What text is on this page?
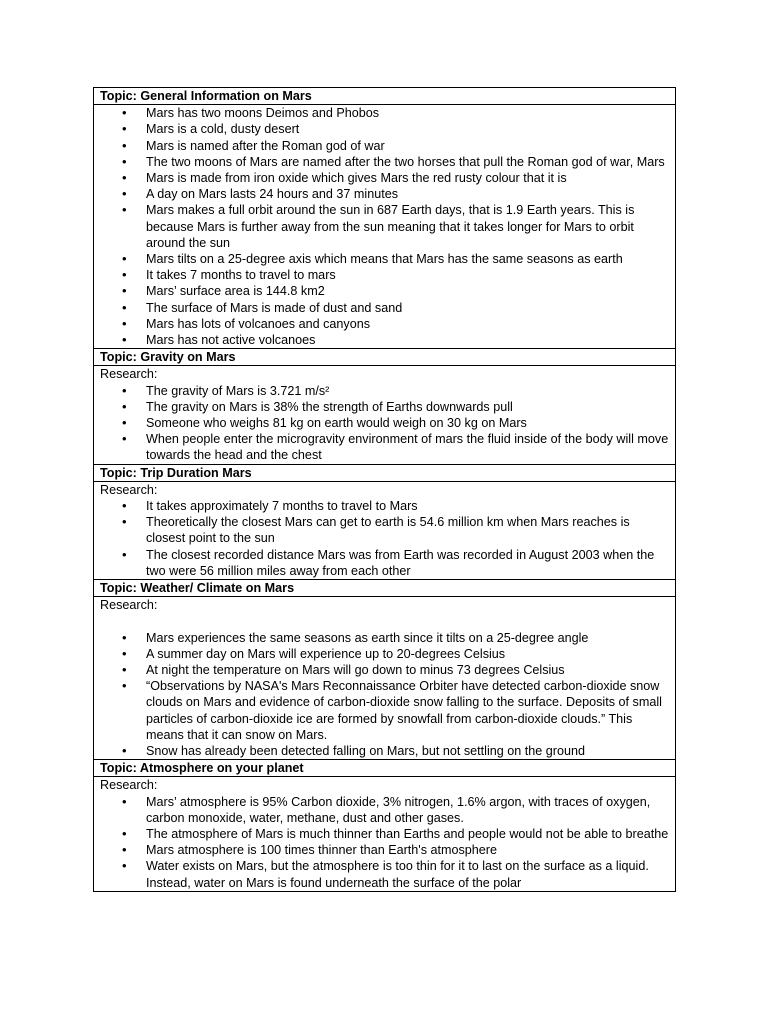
Topic: General Information on Mars

• Mars has two moons Deimos and Phobos
• Mars is a cold, dusty desert
• Mars is named after the Roman god of war
• The two moons of Mars are named after the two horses that pull the Roman god of war, Mars
• Mars is made from iron oxide which gives Mars the red rusty colour that it is
• A day on Mars lasts 24 hours and 37 minutes
• Mars makes a full orbit around the sun in 687 Earth days, that is 1.9 Earth years. This is because Mars is further away from the sun meaning that it takes longer for Mars to orbit around the sun
• Mars tilts on a 25-degree axis which means that Mars has the same seasons as earth
• It takes 7 months to travel to mars
• Mars’ surface area is 144.8 km2
• The surface of Mars is made of dust and sand
• Mars has lots of volcanoes and canyons
• Mars has not active volcanoes

Topic: Gravity on Mars

Research:

• The gravity of Mars is 3.721 m/s²
• The gravity on Mars is 38% the strength of Earths downwards pull
• Someone who weighs 81 kg on earth would weigh on 30 kg on Mars
• When people enter the microgravity environment of mars the fluid inside of the body will move towards the head and the chest

Topic: Trip Duration Mars

Research:

• It takes approximately 7 months to travel to Mars
• Theoretically the closest Mars can get to earth is 54.6 million km when Mars reaches is closest point to the sun
• The closest recorded distance Mars was from Earth was recorded in August 2003 when the two were 56 million miles away from each other

Topic: Weather/ Climate on Mars

Research:

• Mars experiences the same seasons as earth since it tilts on a 25-degree angle
• A summer day on Mars will experience up to 20-degrees Celsius
• At night the temperature on Mars will go down to minus 73 degrees Celsius
• “Observations by NASA's Mars Reconnaissance Orbiter have detected carbon-dioxide snow clouds on Mars and evidence of carbon-dioxide snow falling to the surface. Deposits of small particles of carbon-dioxide ice are formed by snowfall from carbon-dioxide clouds.” This means that it can snow on Mars.
• Snow has already been detected falling on Mars, but not settling on the ground

Topic: Atmosphere on your planet

Research:

• Mars’ atmosphere is 95% Carbon dioxide, 3% nitrogen, 1.6% argon, with traces of oxygen, carbon monoxide, water, methane, dust and other gases.
• The atmosphere of Mars is much thinner than Earths and people would not be able to breathe
• Mars atmosphere is 100 times thinner than Earth's atmosphere
• Water exists on Mars, but the atmosphere is too thin for it to last on the surface as a liquid. Instead, water on Mars is found underneath the surface of the polar
